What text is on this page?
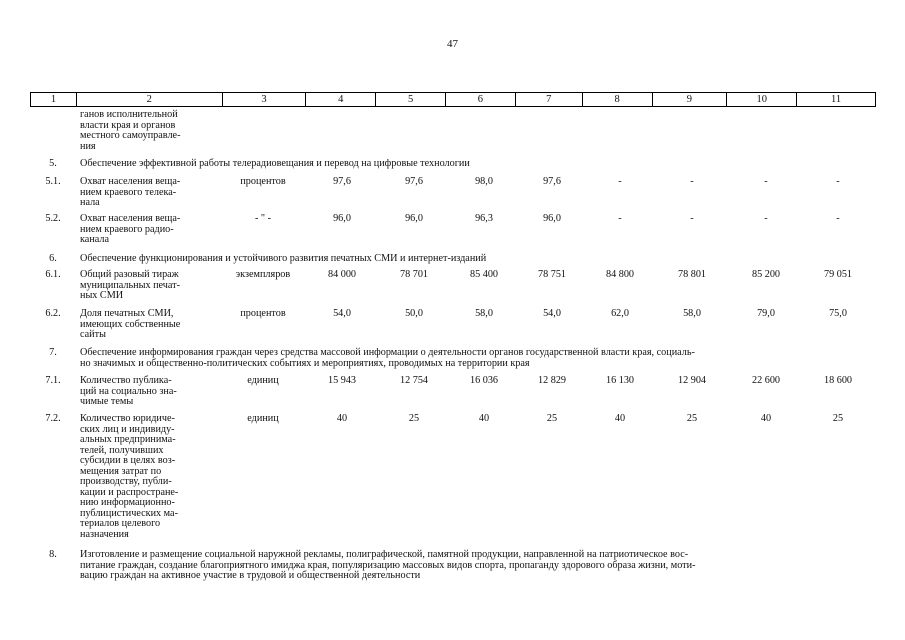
47
1	2	3	4	5	6	7	8	9	10	11
ганов исполнительной
власти края и органов
местного самоуправле-
ния
5.	Обеспечение эффективной работы телерадиовещания и перевод на цифровые технологии
5.1.	Охват населения веща-
нием краевого телека-
нала
процентов	97,6	97,6	98,0	97,6	-	-	-	-
5.2.	Охват населения веща-
нием краевого радио-
канала
- " -	96,0	96,0	96,3	96,0	-	-	-	-
6.	Обеспечение функционирования и устойчивого развития печатных СМИ и интернет-изданий
6.1.	Общий разовый тираж
муниципальных печат-
ных СМИ
экземпляров	84 000	78 701	85 400	78 751	84 800	78 801	85 200	79 051
6.2.	Доля печатных СМИ,
имеющих собственные
сайты
процентов	54,0	50,0	58,0	54,0	62,0	58,0	79,0	75,0
7.	Обеспечение информирования граждан через средства массовой информации о деятельности органов государственной власти края, социаль-
но значимых и общественно-политических событиях и мероприятиях, проводимых на территории края
7.1.	Количество публика-
ций на социально зна-
чимые темы
единиц	15 943	12 754	16 036	12 829	16 130	12 904	22 600	18 600
7.2.	Количество юридиче-
ских лиц и индивиду-
альных предпринима-
телей, получивших
субсидии в целях воз-
мещения затрат по
производству, публи-
кации и распростране-
нию информационно-
публицистических ма-
териалов целевого
назначения
единиц	40	25	40	25	40	25	40	25
8.	Изготовление и размещение социальной наружной рекламы, полиграфической, памятной продукции, направленной на патриотическое вос-
питание граждан, создание благоприятного имиджа края, популяризацию массовых видов спорта, пропаганду здорового образа жизни, моти-
вацию граждан на активное участие в трудовой и общественной деятельности
